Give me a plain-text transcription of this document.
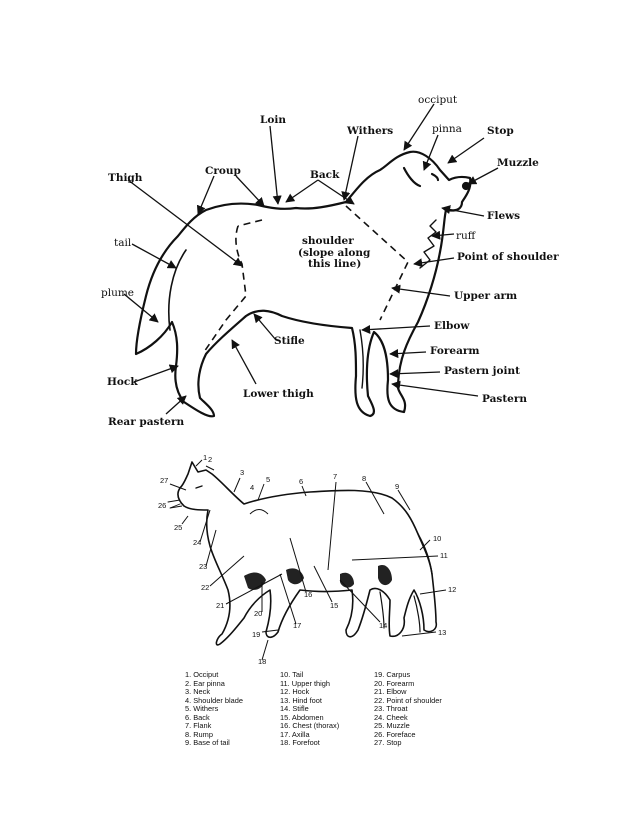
occiput
pinna Stop
Muzzle
Loin
Withers
Croup	Back
Thigh
Flews
ruff
tail	shoulder
(slope along
this line)
Point of shoulder
plume	Upper arm
Elbow
Stifle
Forearm
Pastern joint
Hock
Lower thigh	Pastern
Rear pastern
1 2
3
4
5	6
7	8
9
10
11
12
13
14
15
16
17
18
19
20
21
22
23
24
25
26
27
1. Occiput
2. Ear pinna
3. Neck
4. Shoulder blade
5. Withers
6. Back
7. Flank
8. Rump
9. Base of tail
10. Tail
11. Upper thigh
12. Hock
13. Hind foot
14. Stifle
15. Abdomen
16. Chest (thorax)
17. Axilla
18. Forefoot
19. Carpus
20. Forearm
21. Elbow
22. Point of shoulder
23. Throat
24. Cheek
25. Muzzle
26. Foreface
27. Stop
